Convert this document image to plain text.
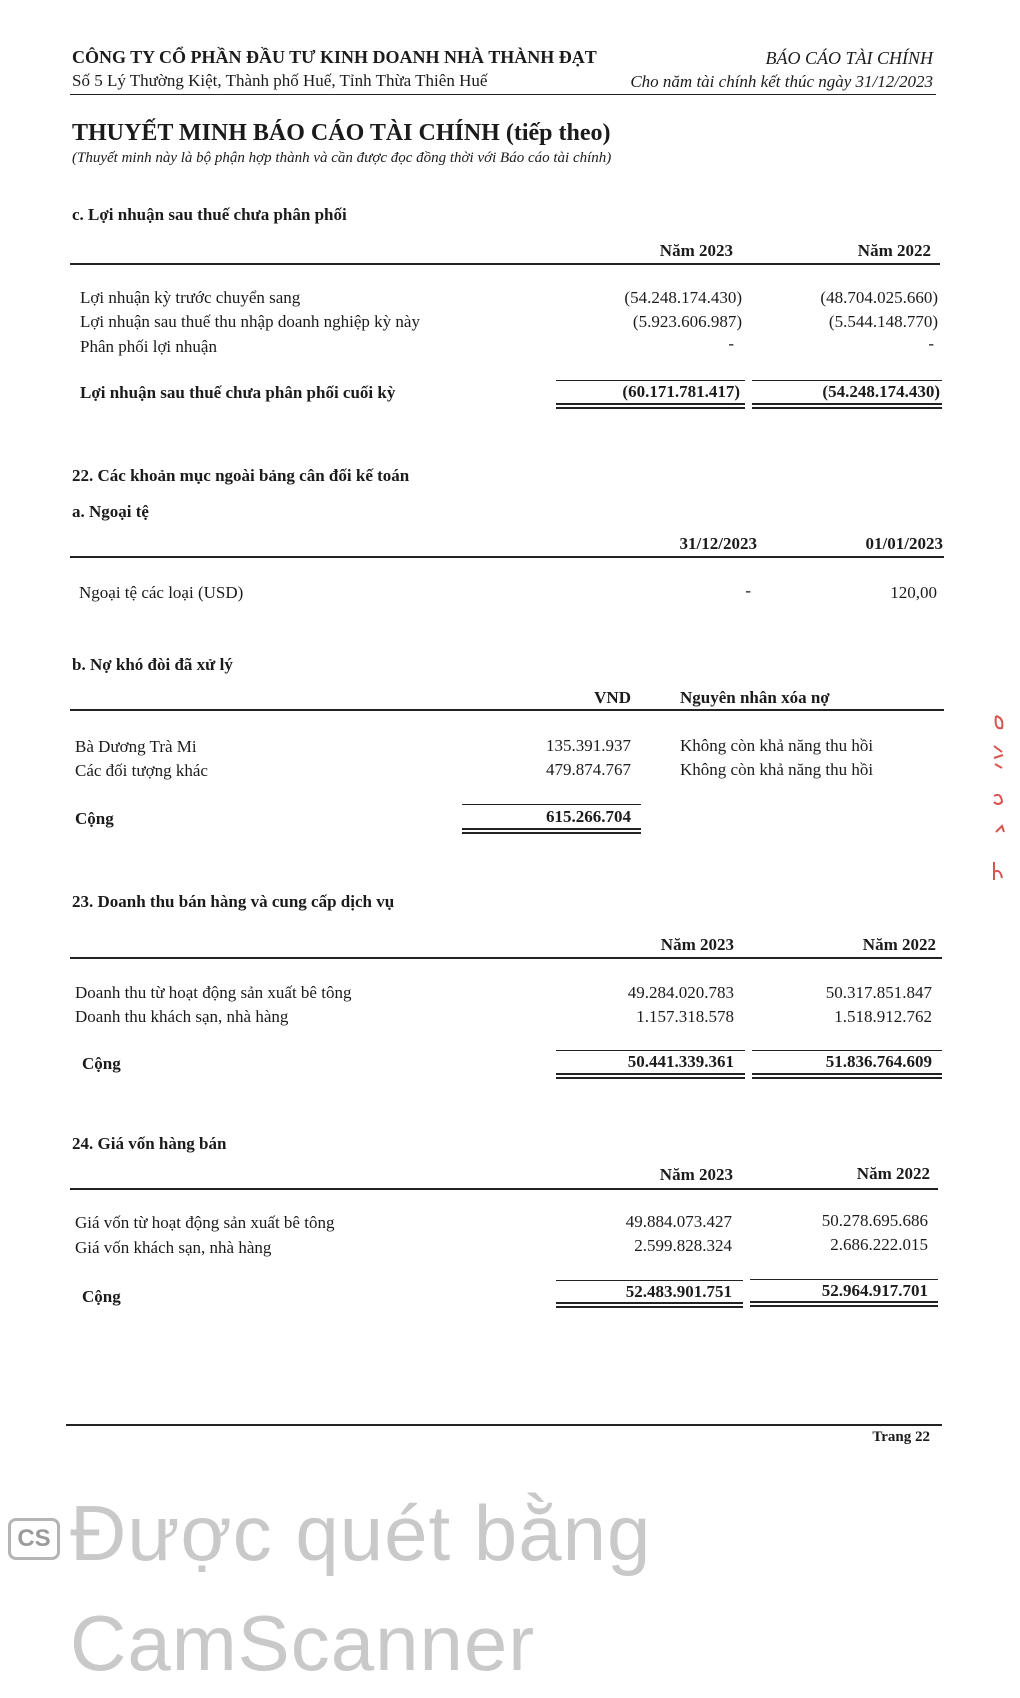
CÔNG TY CỔ PHẦN ĐẦU TƯ KINH DOANH NHÀ THÀNH ĐẠT
Số 5 Lý Thường Kiệt, Thành phố Huế, Tỉnh Thừa Thiên Huế
BÁO CÁO TÀI CHÍNH
Cho năm tài chính kết thúc ngày 31/12/2023
THUYẾT MINH BÁO CÁO TÀI CHÍNH (tiếp theo)
(Thuyết minh này là bộ phận hợp thành và cần được đọc đồng thời với Báo cáo tài chính)
c. Lợi nhuận sau thuế chưa phân phối
Năm 2023	Năm 2022
Lợi nhuận kỳ trước chuyển sang	(54.248.174.430)	(48.704.025.660)
Lợi nhuận sau thuế thu nhập doanh nghiệp kỳ này	(5.923.606.987)	(5.544.148.770)
Phân phối lợi nhuận	-	-
Lợi nhuận sau thuế chưa phân phối cuối kỳ	(60.171.781.417)	(54.248.174.430)
22. Các khoản mục ngoài bảng cân đối kế toán
a. Ngoại tệ
31/12/2023	01/01/2023
Ngoại tệ các loại (USD)	-	120,00
b. Nợ khó đòi đã xử lý
VND	Nguyên nhân xóa nợ
Bà Dương Trà Mi	135.391.937	Không còn khả năng thu hồi
Các đối tượng khác	479.874.767	Không còn khả năng thu hồi
Cộng	615.266.704
23. Doanh thu bán hàng và cung cấp dịch vụ
Năm 2023	Năm 2022
Doanh thu từ hoạt động sản xuất bê tông	49.284.020.783	50.317.851.847
Doanh thu khách sạn, nhà hàng	1.157.318.578	1.518.912.762
Cộng	50.441.339.361	51.836.764.609
24. Giá vốn hàng bán
Năm 2023	Năm 2022
Giá vốn từ hoạt động sản xuất bê tông	49.884.073.427	50.278.695.686
Giá vốn khách sạn, nhà hàng	2.599.828.324	2.686.222.015
Cộng	52.483.901.751	52.964.917.701
Trang 22
CS Được quét bằng CamScanner
